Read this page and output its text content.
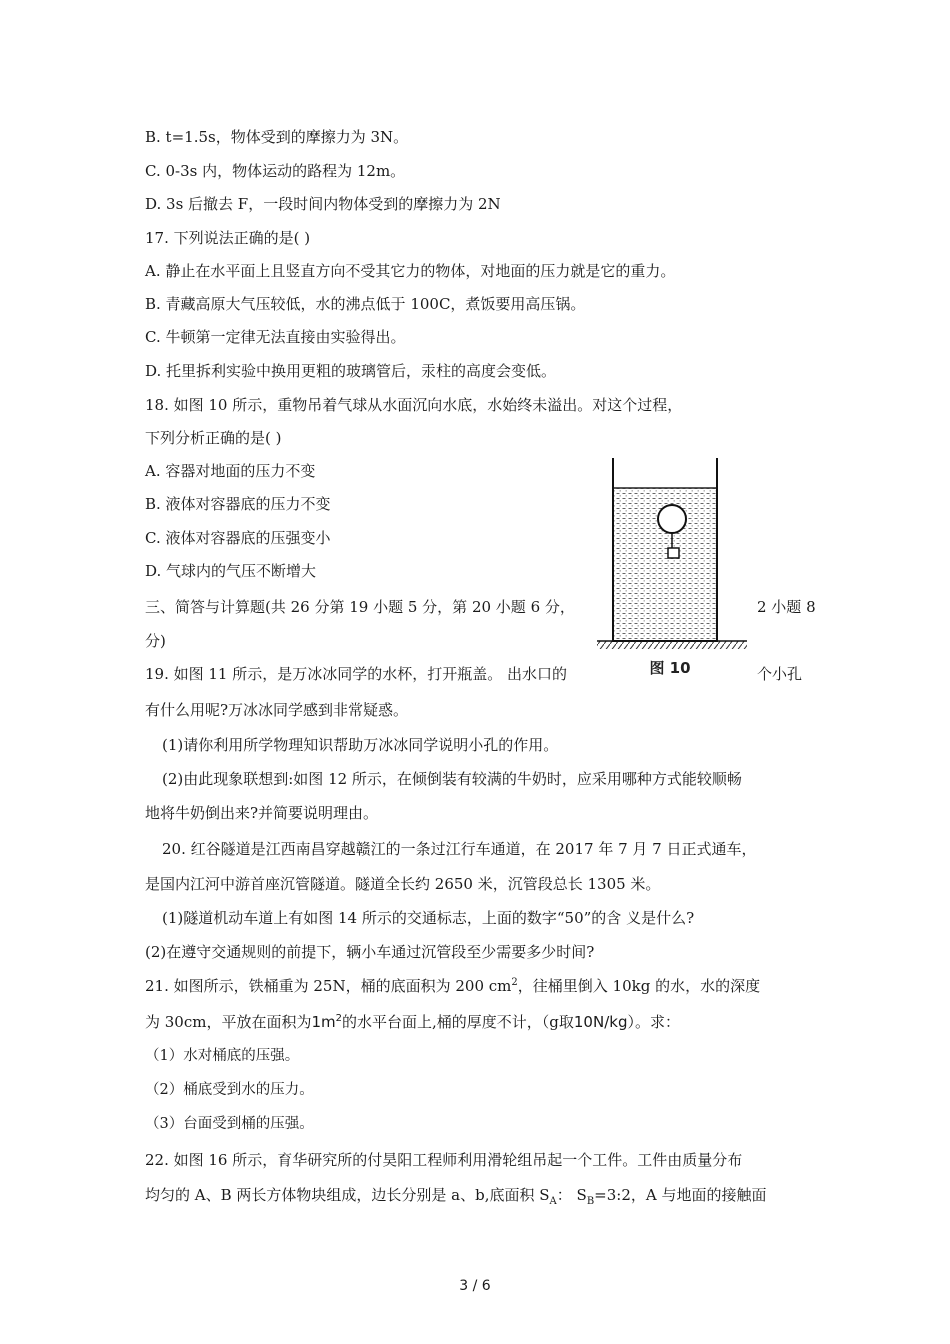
B. t=1.5s，物体受到的摩擦力为 3N。
C. 0-3s 内，物体运动的路程为 12m。
D. 3s 后撤去 F，一段时间内物体受到的摩擦力为 2N
17. 下列说法正确的是( )
A. 静止在水平面上且竖直方向不受其它力的物体，对地面的压力就是它的重力。
B. 青藏高原大气压较低，水的沸点低于 100C，煮饭要用高压锅。
C. 牛顿第一定律无法直接由实验得出。
D. 托里拆利实验中换用更粗的玻璃管后，汞柱的高度会变低。
18. 如图 10 所示，重物吊着气球从水面沉向水底，水始终未溢出。对这个过程，
下列分析正确的是( )
A. 容器对地面的压力不变
B. 液体对容器底的压力不变
C. 液体对容器底的压强变小
D. 气球内的气压不断增大
三、简答与计算题(共 26 分第 19 小题 5 分，第 20 小题 6 分，	2 小题 8
分)
19. 如图 11 所示，是万冰冰同学的水杯，打开瓶盖。 出水口的	个小孔
有什么用呢?万冰冰同学感到非常疑惑。
(1)请你利用所学物理知识帮助万冰冰同学说明小孔的作用。
(2)由此现象联想到:如图 12 所示，在倾倒装有较满的牛奶时，应采用哪种方式能较顺畅
地将牛奶倒出来?并简要说明理由。
20. 红谷隧道是江西南昌穿越赣江的一条过江行车通道，在 2017 年 7 月 7 日正式通车，
是国内江河中游首座沉管隧道。隧道全长约 2650 米，沉管段总长 1305 米。
(1)隧道机动车道上有如图 14 所示的交通标志，上面的数字“50”的含 义是什么?
(2)在遵守交通规则的前提下，辆小车通过沉管段至少需要多少时间?
21. 如图所示，铁桶重为 25N，桶的底面积为 200 $cm^2$，往桶里倒入 10kg 的水，水的深度
为 30cm，平放在面积为$1m^2$的水平台面上,桶的厚度不计，（g取10N/kg）。求：
（1）水对桶底的压强。
（2）桶底受到水的压力。
（3）台面受到桶的压强。
22. 如图 16 所示，育华研究所的付昊阳工程师利用滑轮组吊起一个工件。工件由质量分布
均匀的 A、B 两长方体物块组成，边长分别是 a、b,底面积 $S_A$： $S_B=3:2$，A 与地面的接触面
图 10
3 / 6
